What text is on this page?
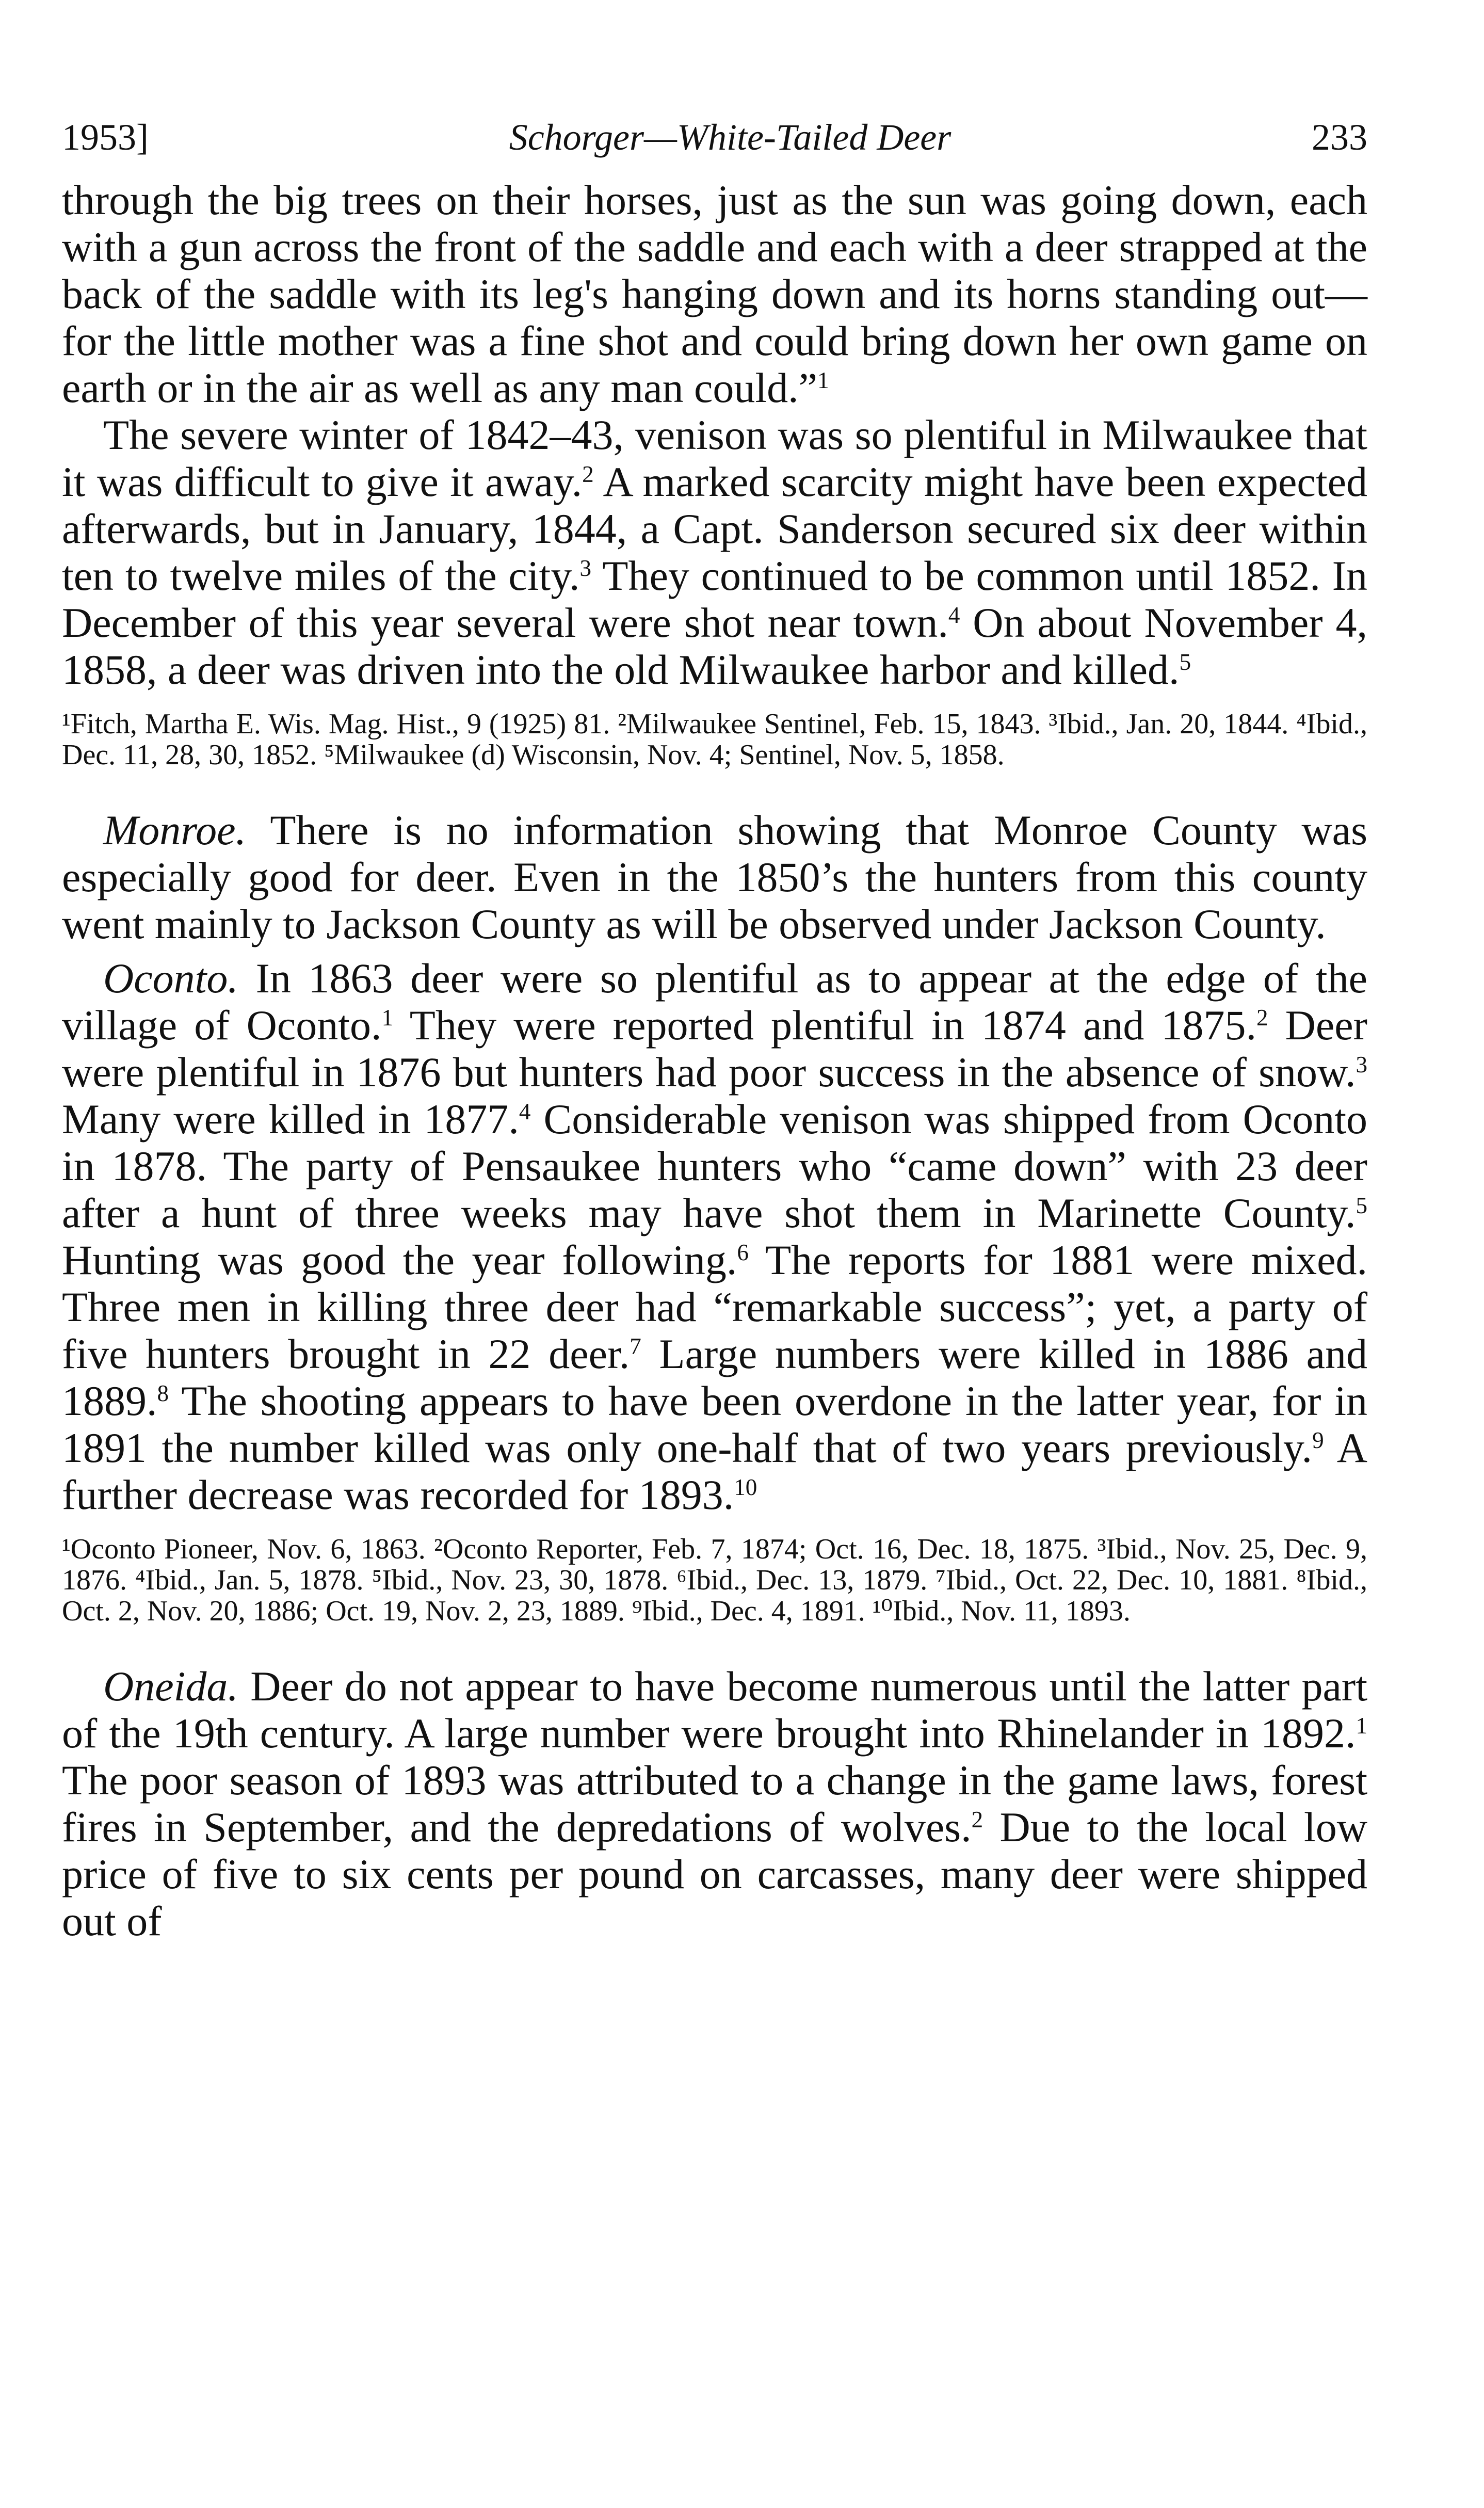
1953]	Schorger—White-Tailed Deer	233

through the big trees on their horses, just as the sun was going down, each with a gun across the front of the saddle and each with a deer strapped at the back of the saddle with its leg's hanging down and its horns standing out—for the little mother was a fine shot and could bring down her own game on earth or in the air as well as any man could.”$^1$

The severe winter of 1842–43, venison was so plentiful in Milwaukee that it was difficult to give it away.$^2$ A marked scarcity might have been expected afterwards, but in January, 1844, a Capt. Sanderson secured six deer within ten to twelve miles of the city.$^3$ They continued to be common until 1852. In December of this year several were shot near town.$^4$ On about November 4, 1858, a deer was driven into the old Milwaukee harbor and killed.$^5$

¹Fitch, Martha E. Wis. Mag. Hist., 9 (1925) 81. ²Milwaukee Sentinel, Feb. 15, 1843. ³Ibid., Jan. 20, 1844. ⁴Ibid., Dec. 11, 28, 30, 1852. ⁵Milwaukee (d) Wisconsin, Nov. 4; Sentinel, Nov. 5, 1858.

Monroe. There is no information showing that Monroe County was especially good for deer. Even in the 1850’s the hunters from this county went mainly to Jackson County as will be observed under Jackson County.

Oconto. In 1863 deer were so plentiful as to appear at the edge of the village of Oconto.$^1$ They were reported plentiful in 1874 and 1875.$^2$ Deer were plentiful in 1876 but hunters had poor success in the absence of snow.$^3$ Many were killed in 1877.$^4$ Considerable venison was shipped from Oconto in 1878. The party of Pensaukee hunters who “came down” with 23 deer after a hunt of three weeks may have shot them in Marinette County.$^5$ Hunting was good the year following.$^6$ The reports for 1881 were mixed. Three men in killing three deer had “remarkable success”; yet, a party of five hunters brought in 22 deer.$^7$ Large numbers were killed in 1886 and 1889.$^8$ The shooting appears to have been overdone in the latter year, for in 1891 the number killed was only one-half that of two years previously.$^9$ A further decrease was recorded for 1893.10

¹Oconto Pioneer, Nov. 6, 1863. ²Oconto Reporter, Feb. 7, 1874; Oct. 16, Dec. 18, 1875. ³Ibid., Nov. 25, Dec. 9, 1876. ⁴Ibid., Jan. 5, 1878. ⁵Ibid., Nov. 23, 30, 1878. ⁶Ibid., Dec. 13, 1879. ⁷Ibid., Oct. 22, Dec. 10, 1881. ⁸Ibid., Oct. 2, Nov. 20, 1886; Oct. 19, Nov. 2, 23, 1889. ⁹Ibid., Dec. 4, 1891. ¹⁰Ibid., Nov. 11, 1893.

Oneida. Deer do not appear to have become numerous until the latter part of the 19th century. A large number were brought into Rhinelander in 1892.$^1$ The poor season of 1893 was attributed to a change in the game laws, forest fires in September, and the depredations of wolves.$^2$ Due to the local low price of five to six cents per pound on carcasses, many deer were shipped out of
